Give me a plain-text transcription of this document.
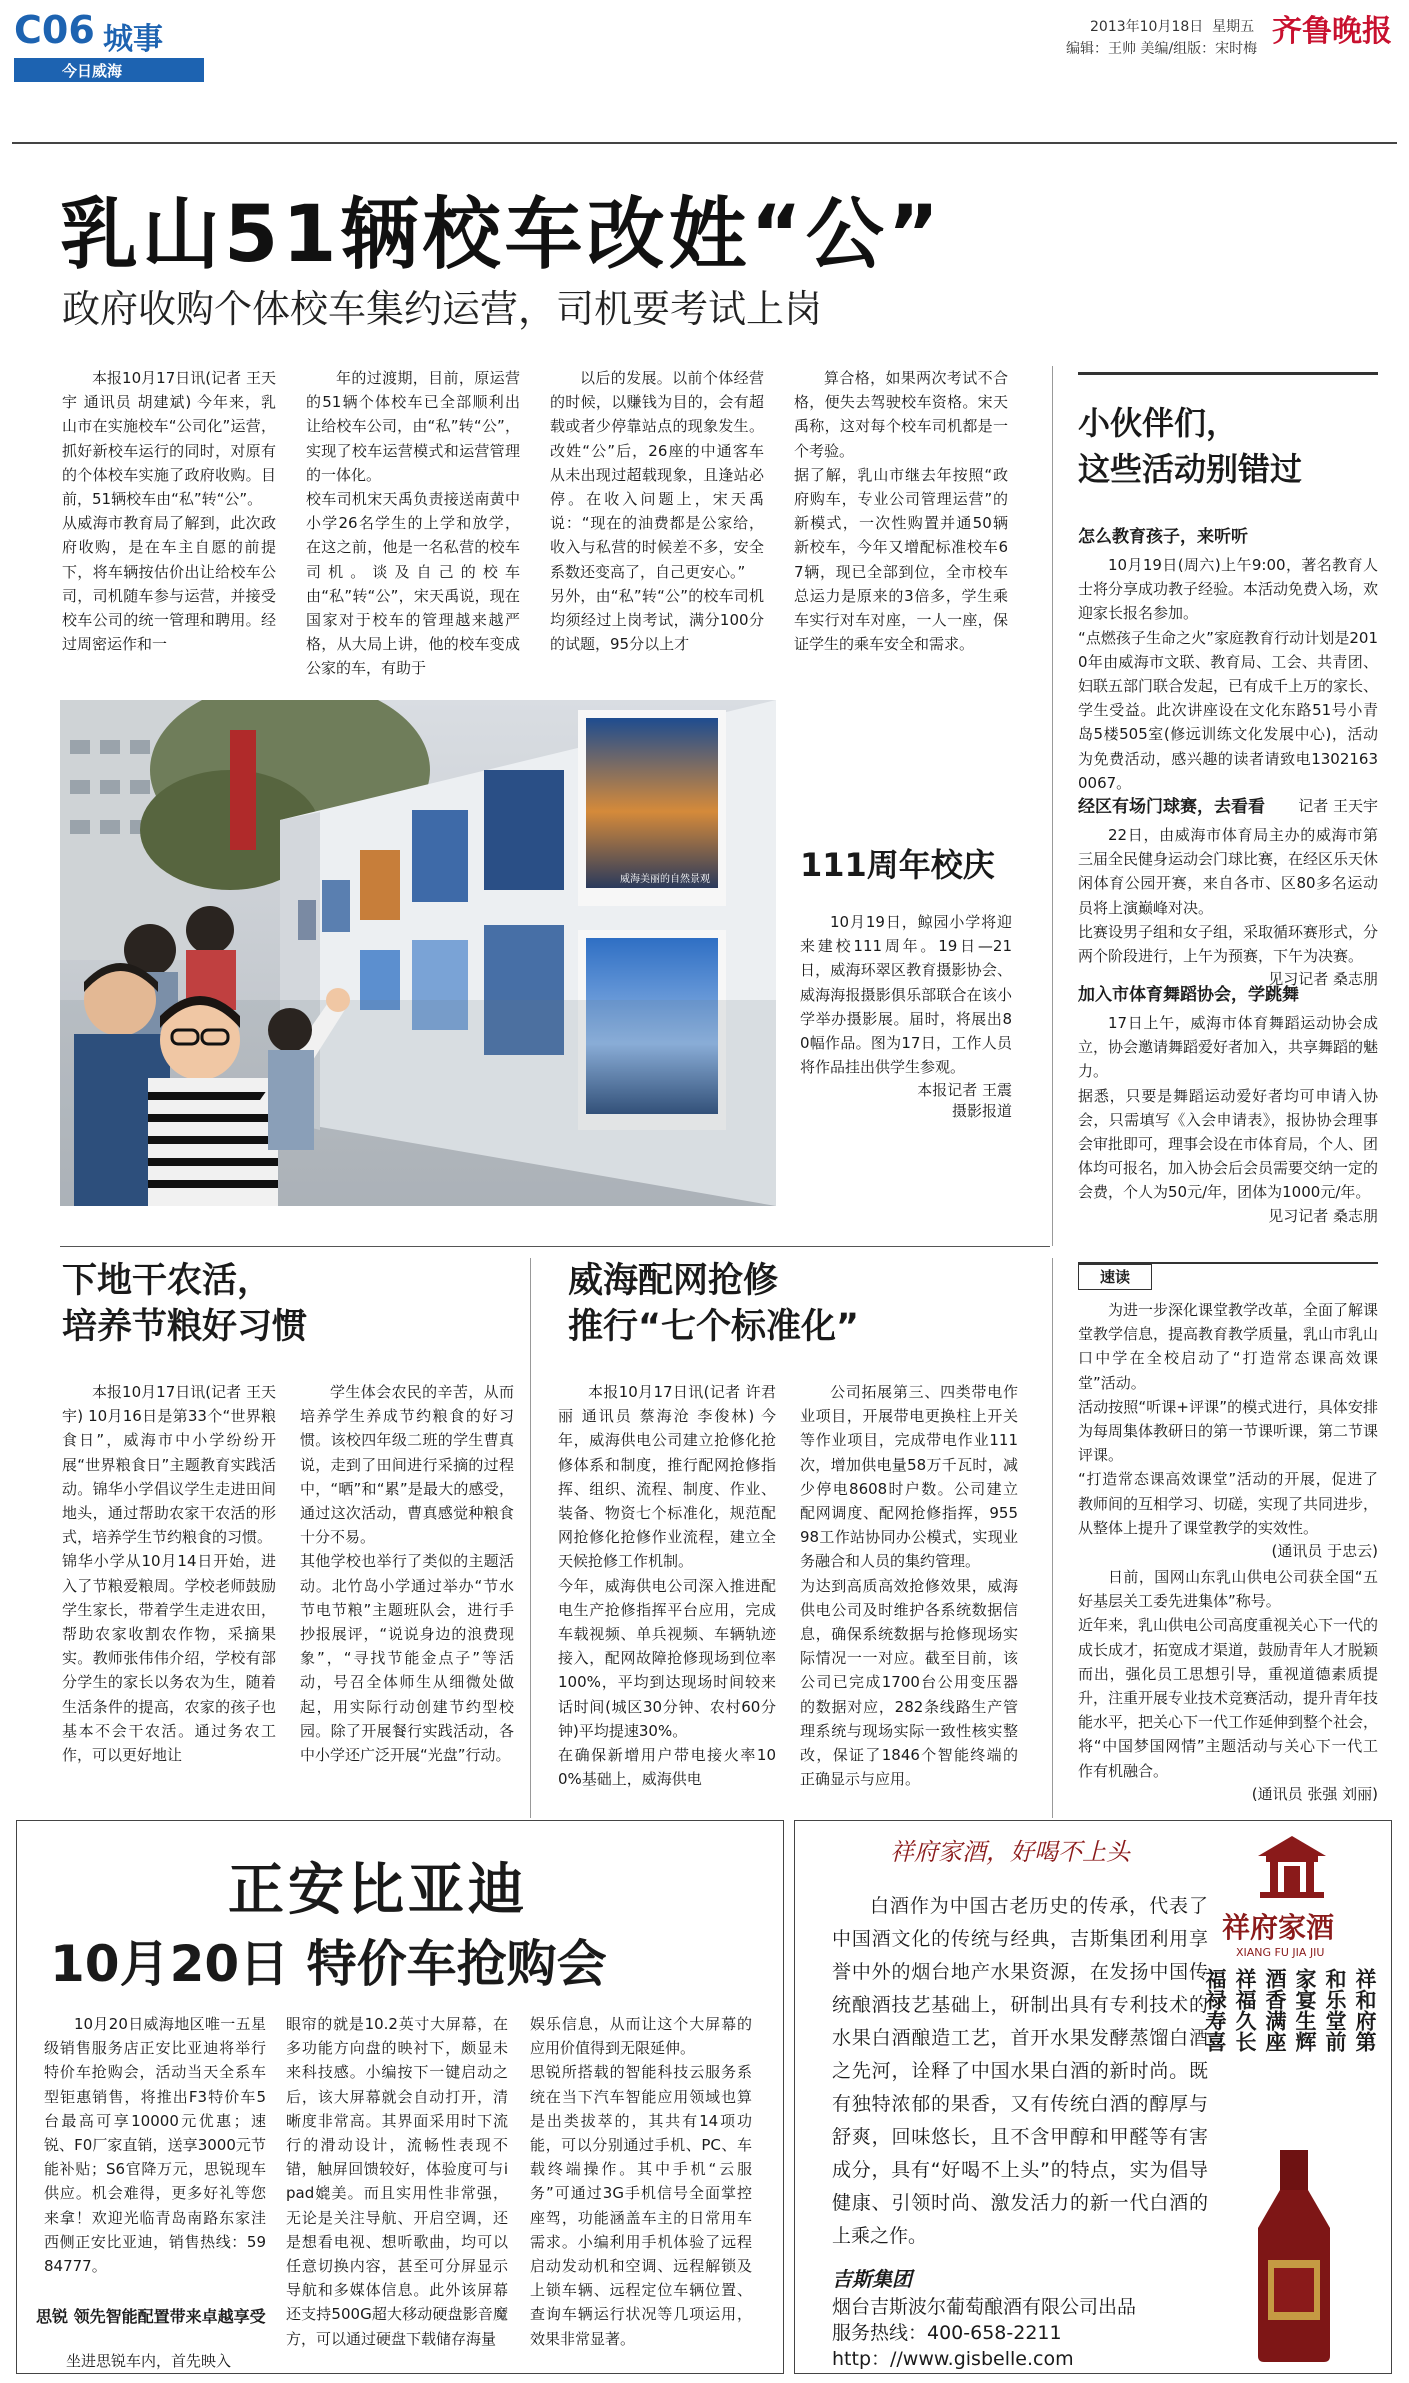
C06 城事
今日威海
2013年10月18日 星期五 齐鲁晚报
编辑：王帅 美编/组版：宋时梅
乳山51辆校车改姓“公”
政府收购个体校车集约运营，司机要考试上岗

本报10月17日讯(记者 王天宇 通讯员 胡建斌) 今年来，乳山市在实施校车“公司化”运营，抓好新校车运行的同时，对原有的个体校车实施了政府收购。目前，51辆校车由“私”转“公”。
从威海市教育局了解到，此次政府收购，是在车主自愿的前提下，将车辆按估价出让给校车公司，司机随车参与运营，并接受校车公司的统一管理和聘用。经过周密运作和一

年的过渡期，目前，原运营的51辆个体校车已全部顺利出让给校车公司，由“私”转“公”，实现了校车运营模式和运营管理的一体化。
校车司机宋天禹负责接送南黄中小学26名学生的上学和放学，在这之前，他是一名私营的校车司机。谈及自己的校车由“私”转“公”，宋天禹说，现在国家对于校车的管理越来越严格，从大局上讲，他的校车变成公家的车，有助于

以后的发展。以前个体经营的时候，以赚钱为目的，会有超载或者少停靠站点的现象发生。改姓“公”后，26座的中通客车从未出现过超载现象，且逢站必停。在收入问题上，宋天禹说：“现在的油费都是公家给，收入与私营的时候差不多，安全系数还变高了，自己更安心。”
另外，由“私”转“公”的校车司机均须经过上岗考试，满分100分的试题，95分以上才

算合格，如果两次考试不合格，便失去驾驶校车资格。宋天禹称，这对每个校车司机都是一个考验。
据了解，乳山市继去年按照“政府购车，专业公司管理运营”的新模式，一次性购置并通50辆新校车，今年又增配标准校车67辆，现已全部到位，全市校车总运力是原来的3倍多，学生乘车实行对车对座，一人一座，保证学生的乘车安全和需求。

小伙伴们，
这些活动别错过
怎么教育孩子，来听听

10月19日(周六)上午9:00，著名教育人士将分享成功教子经验。本活动免费入场，欢迎家长报名参加。
“点燃孩子生命之火”家庭教育行动计划是2010年由威海市文联、教育局、工会、共青团、妇联五部门联合发起，已有成千上万的家长、学生受益。此次讲座设在文化东路51号小青岛5楼505室(修远训练文化发展中心)，活动为免费活动，感兴趣的读者请致电13021630067。

记者 王天宇
经区有场门球赛，去看看

22日，由威海市体育局主办的威海市第三届全民健身运动会门球比赛，在经区乐天休闲体育公园开赛，来自各市、区80多名运动员将上演巅峰对决。
比赛设男子组和女子组，采取循环赛形式，分两个阶段进行，上午为预赛，下午为决赛。

见习记者 桑志朋
加入市体育舞蹈协会，学跳舞

17日上午，威海市体育舞蹈运动协会成立，协会邀请舞蹈爱好者加入，共享舞蹈的魅力。
据悉，只要是舞蹈运动爱好者均可申请入协会，只需填写《入会申请表》，报协协会理事会审批即可，理事会设在市体育局，个人、团体均可报名，加入协会后会员需要交纳一定的会费，个人为50元/年，团体为1000元/年。

见习记者 桑志朋
威海美丽的自然景观	111周年校庆

10月19日，鲸园小学将迎来建校111周年。19日—21日，威海环翠区教育摄影协会、威海海报摄影俱乐部联合在该小学举办摄影展。届时，将展出80幅作品。图为17日，工作人员将作品挂出供学生参观。

本报记者 王震
摄影报道
下地干农活，
培养节粮好习惯

本报10月17日讯(记者 王天宇) 10月16日是第33个“世界粮食日”，威海市中小学纷纷开展“世界粮食日”主题教育实践活动。锦华小学倡议学生走进田间地头，通过帮助农家干农活的形式，培养学生节约粮食的习惯。
锦华小学从10月14日开始，进入了节粮爱粮周。学校老师鼓励学生家长，带着学生走进农田，帮助农家收割农作物，采摘果实。教师张伟伟介绍，学校有部分学生的家长以务农为生，随着生活条件的提高，农家的孩子也基本不会干农活。通过务农工作，可以更好地让

学生体会农民的辛苦，从而培养学生养成节约粮食的好习惯。该校四年级二班的学生曹真说，走到了田间进行采摘的过程中，“晒”和“累”是最大的感受，通过这次活动，曹真感觉种粮食十分不易。
其他学校也举行了类似的主题活动。北竹岛小学通过举办“节水节电节粮”主题班队会，进行手抄报展评，“说说身边的浪费现象”，“寻找节能金点子”等活动，号召全体师生从细微处做起，用实际行动创建节约型校园。除了开展餐行实践活动，各中小学还广泛开展“光盘”行动。

威海配网抢修
推行“七个标准化”

本报10月17日讯(记者 许君丽 通讯员 蔡海沧 李俊林) 今年，威海供电公司建立抢修化抢修体系和制度，推行配网抢修指挥、组织、流程、制度、作业、装备、物资七个标准化，规范配网抢修化抢修作业流程，建立全天候抢修工作机制。
今年，威海供电公司深入推进配电生产抢修指挥平台应用，完成车载视频、单兵视频、车辆轨迹接入，配网故障抢修现场到位率100%，平均到达现场时间较来话时间(城区30分钟、农村60分钟)平均提速30%。
在确保新增用户带电接火率100%基础上，威海供电

公司拓展第三、四类带电作业项目，开展带电更换柱上开关等作业项目，完成带电作业111次，增加供电量58万千瓦时，减少停电8608时户数。公司建立配网调度、配网抢修指挥，95598工作站协同办公模式，实现业务融合和人员的集约管理。
为达到高质高效抢修效果，威海供电公司及时维护各系统数据信息，确保系统数据与抢修现场实际情况一一对应。截至目前，该公司已完成1700台公用变压器的数据对应，282条线路生产管理系统与现场实际一致性核实整改，保证了1846个智能终端的正确显示与应用。

速读

为进一步深化课堂教学改革，全面了解课堂教学信息，提高教育教学质量，乳山市乳山口中学在全校启动了“打造常态课高效课堂”活动。
活动按照“听课+评课”的模式进行，具体安排为每周集体教研日的第一节课听课，第二节课评课。
“打造常态课高效课堂”活动的开展，促进了教师间的互相学习、切磋，实现了共同进步，从整体上提升了课堂教学的实效性。

(通讯员 于忠云)

日前，国网山东乳山供电公司获全国“五好基层关工委先进集体”称号。
近年来，乳山供电公司高度重视关心下一代的成长成才，拓宽成才渠道，鼓励青年人才脱颖而出，强化员工思想引导，重视道德素质提升，注重开展专业技术竞赛活动，提升青年技能水平，把关心下一代工作延伸到整个社会，将“中国梦国网情”主题活动与关心下一代工作有机融合。

(通讯员 张强 刘丽)
正安比亚迪
10月20日 特价车抢购会

10月20日威海地区唯一五星级销售服务店正安比亚迪将举行特价车抢购会，活动当天全系车型钜惠销售，将推出F3特价车5台最高可享10000元优惠；速锐、F0厂家直销，送享3000元节能补贴；S6官降万元，思锐现车供应。机会难得，更多好礼等您来拿！欢迎光临青岛南路东家洼西侧正安比亚迪，销售热线：5984777。

思锐 领先智能配置带来卓越享受
坐进思锐车内，首先映入

眼帘的就是10.2英寸大屏幕，在多功能方向盘的映衬下，颇显未来科技感。小编按下一键启动之后，该大屏幕就会自动打开，清晰度非常高。其界面采用时下流行的滑动设计，流畅性表现不错，触屏回馈较好，体验度可与ipad媲美。而且实用性非常强，无论是关注导航、开启空调，还是想看电视、想听歌曲，均可以任意切换内容，甚至可分屏显示导航和多媒体信息。此外该屏幕还支持500G超大移动硬盘影音魔方，可以通过硬盘下载储存海量

娱乐信息，从而让这个大屏幕的应用价值得到无限延伸。
思锐所搭载的智能科技云服务系统在当下汽车智能应用领域也算是出类拔萃的，其共有14项功能，可以分别通过手机、PC、车载终端操作。其中手机“云服务”可通过3G手机信号全面掌控座驾，功能涵盖车主的日常用车需求。小编利用手机体验了远程启动发动机和空调、远程解锁及上锁车辆、远程定位车辆位置、查询车辆运行状况等几项运用，效果非常显著。

祥府家酒，好喝不上头
祥府家酒
XIANG FU JIA JIU
祥和府第
和乐堂前
家宴生辉
酒香满座
祥福久长
福禄寿喜

白酒作为中国古老历史的传承，代表了中国酒文化的传统与经典，吉斯集团利用享誉中外的烟台地产水果资源，在发扬中国传统酿酒技艺基础上，研制出具有专利技术的水果白酒酿造工艺，首开水果发酵蒸馏白酒之先河，诠释了中国水果白酒的新时尚。既有独特浓郁的果香，又有传统白酒的醇厚与舒爽，回味悠长，且不含甲醇和甲醛等有害成分，具有“好喝不上头”的特点，实为倡导健康、引领时尚、激发活力的新一代白酒的上乘之作。

吉斯集团
烟台吉斯波尔葡萄酿酒有限公司出品
服务热线：400-658-2211
http：//www.gisbelle.com
